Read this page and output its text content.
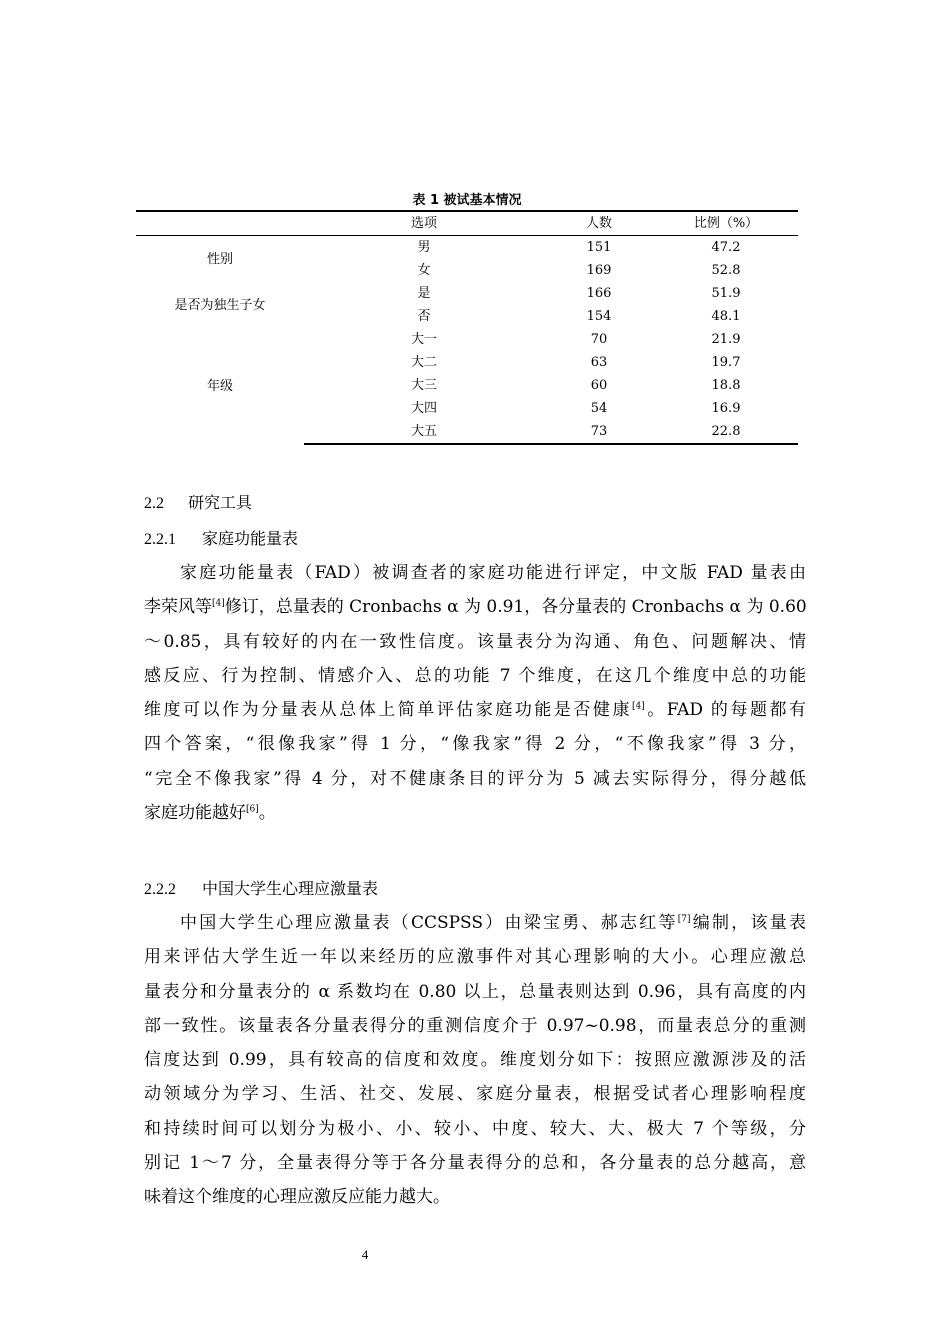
表 1 被试基本情况
	选项	人数	比例（%）
性别	男	151	47.2
	女	169	52.8
是否为独生子女	是	166	51.9
	否	154	48.1
年级	大一	70	21.9
	大二	63	19.7
	大三	60	18.8
	大四	54	16.9
	大五	73	22.8
2.2 研究工具
2.2.1 家庭功能量表
家庭功能量表（FAD）被调查者的家庭功能进行评定，中文版 FAD 量表由
李荣风等[4]修订，总量表的 Cronbachs α 为 0.91，各分量表的 Cronbachs α 为 0.60
～0.85，具有较好的内在一致性信度。该量表分为沟通、角色、问题解决、情
感反应、行为控制、情感介入、总的功能 7 个维度，在这几个维度中总的功能
维度可以作为分量表从总体上简单评估家庭功能是否健康[4]。FAD 的每题都有
四个答案，“很像我家”得 1 分，“像我家”得 2 分，“不像我家”得 3 分，
“完全不像我家”得 4 分，对不健康条目的评分为 5 减去实际得分，得分越低
家庭功能越好[6]。
2.2.2 中国大学生心理应激量表
中国大学生心理应激量表（CCSPSS）由梁宝勇、郝志红等[7]编制，该量表
用来评估大学生近一年以来经历的应激事件对其心理影响的大小。心理应激总
量表分和分量表分的 α 系数均在 0.80 以上，总量表则达到 0.96，具有高度的内
部一致性。该量表各分量表得分的重测信度介于 0.97~0.98，而量表总分的重测
信度达到 0.99，具有较高的信度和效度。维度划分如下：按照应激源涉及的活
动领域分为学习、生活、社交、发展、家庭分量表，根据受试者心理影响程度
和持续时间可以划分为极小、小、较小、中度、较大、大、极大 7 个等级，分
别记 1～7 分，全量表得分等于各分量表得分的总和，各分量表的总分越高，意
味着这个维度的心理应激反应能力越大。
4
